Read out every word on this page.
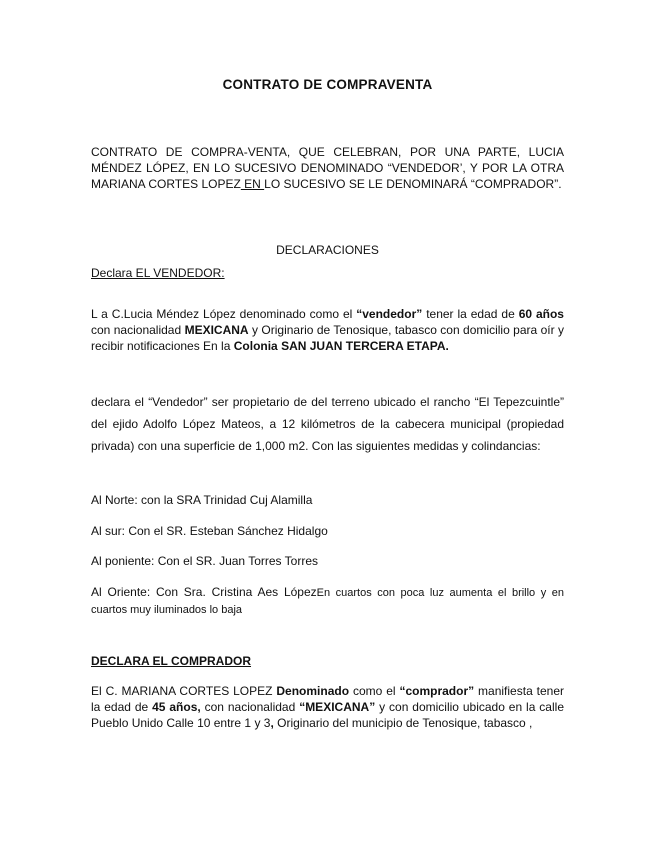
CONTRATO DE COMPRAVENTA

CONTRATO DE COMPRA-VENTA, QUE CELEBRAN, POR UNA PARTE, LUCIA MÉNDEZ LÓPEZ, EN LO SUCESIVO DENOMINADO “VENDEDOR’, Y POR LA OTRA MARIANA CORTES LOPEZ EN LO SUCESIVO SE LE DENOMINARÁ “COMPRADOR”.

DECLARACIONES
Declara EL VENDEDOR:

L a C.Lucia Méndez López denominado como el “vendedor” tener la edad de 60 años con nacionalidad MEXICANA y Originario de Tenosique, tabasco con domicilio para oír y recibir notificaciones En la Colonia SAN JUAN TERCERA ETAPA.

declara el “Vendedor” ser propietario de del terreno ubicado el rancho “El Tepezcuintle” del ejido Adolfo López Mateos, a 12 kilómetros de la cabecera municipal (propiedad privada) con una superficie de 1,000 m2. Con las siguientes medidas y colindancias:

Al Norte: con la SRA Trinidad Cuj Alamilla
Al sur: Con el SR. Esteban Sánchez Hidalgo
Al poniente: Con el SR. Juan Torres Torres

Al Oriente: Con Sra. Cristina Aes LópezEn cuartos con poca luz aumenta el brillo y en cuartos muy iluminados lo baja

DECLARA EL COMPRADOR

El C. MARIANA CORTES LOPEZ Denominado como el “comprador” manifiesta tener la edad de 45 años, con nacionalidad “MEXICANA” y con domicilio ubicado en la calle Pueblo Unido Calle 10 entre 1 y 3, Originario del municipio de Tenosique, tabasco ,
